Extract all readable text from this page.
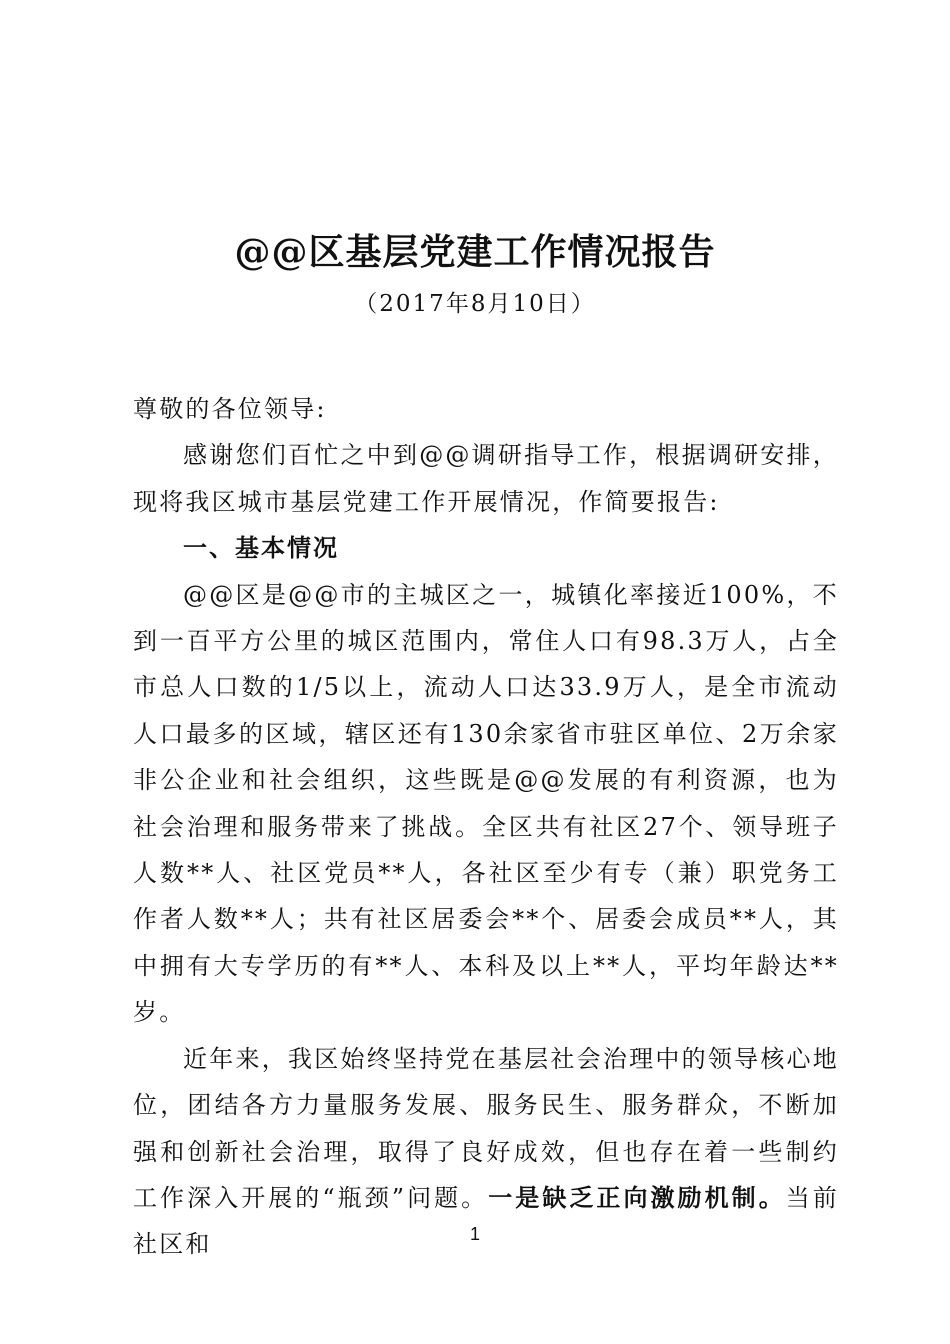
@@区基层党建工作情况报告
（2017年8月10日）

尊敬的各位领导:

感谢您们百忙之中到@@调研指导工作，根据调研安排，现将我区城市基层党建工作开展情况，作简要报告:

一、基本情况

@@区是@@市的主城区之一，城镇化率接近100%，不到一百平方公里的城区范围内，常住人口有98.3万人，占全市总人口数的1/5以上，流动人口达33.9万人，是全市流动人口最多的区域，辖区还有130余家省市驻区单位、2万余家非公企业和社会组织，这些既是@@发展的有利资源，也为社会治理和服务带来了挑战。全区共有社区27个、领导班子人数**人、社区党员**人，各社区至少有专（兼）职党务工作者人数**人；共有社区居委会**个、居委会成员**人，其中拥有大专学历的有**人、本科及以上**人，平均年龄达**岁。

近年来，我区始终坚持党在基层社会治理中的领导核心地位，团结各方力量服务发展、服务民生、服务群众，不断加强和创新社会治理，取得了良好成效，但也存在着一些制约工作深入开展的“瓶颈”问题。一是缺乏正向激励机制。当前社区和	1
